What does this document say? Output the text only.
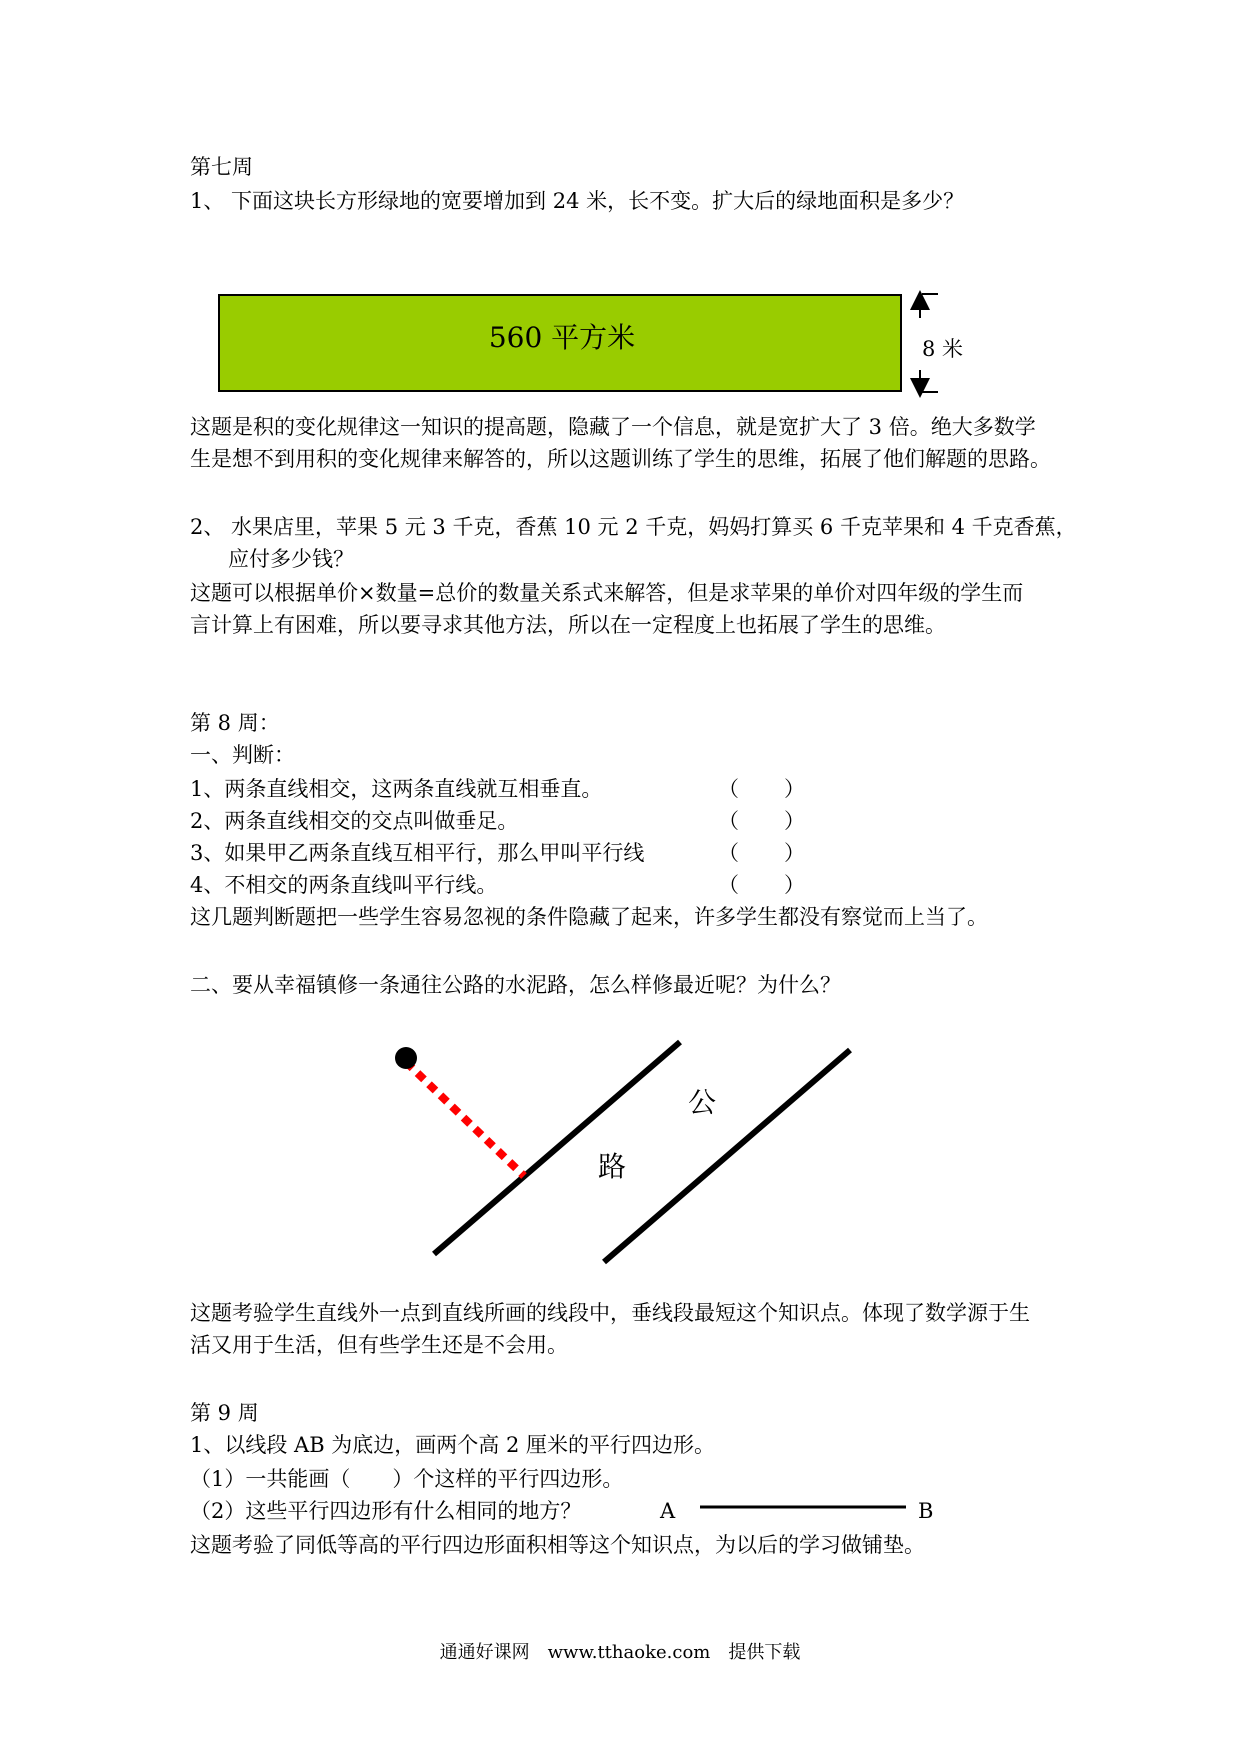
第七周
1、 下面这块长方形绿地的宽要增加到 24 米，长不变。扩大后的绿地面积是多少？
560 平方米	8 米
这题是积的变化规律这一知识的提高题，隐藏了一个信息，就是宽扩大了 3 倍。绝大多数学
生是想不到用积的变化规律来解答的，所以这题训练了学生的思维，拓展了他们解题的思路。
2、 水果店里，苹果 5 元 3 千克，香蕉 10 元 2 千克，妈妈打算买 6 千克苹果和 4 千克香蕉，
应付多少钱？
这题可以根据单价×数量=总价的数量关系式来解答，但是求苹果的单价对四年级的学生而
言计算上有困难，所以要寻求其他方法，所以在一定程度上也拓展了学生的思维。
第 8 周：
一、判断：
1、两条直线相交，这两条直线就互相垂直。	（ ）
2、两条直线相交的交点叫做垂足。	（ ）
3、如果甲乙两条直线互相平行，那么甲叫平行线	（ ）
4、不相交的两条直线叫平行线。	（ ）
这几题判断题把一些学生容易忽视的条件隐藏了起来，许多学生都没有察觉而上当了。
二、要从幸福镇修一条通往公路的水泥路，怎么样修最近呢？为什么？
这题考验学生直线外一点到直线所画的线段中，垂线段最短这个知识点。体现了数学源于生
活又用于生活，但有些学生还是不会用。
第 9 周
1、以线段 AB 为底边，画两个高 2 厘米的平行四边形。
（1）一共能画（　　）个这样的平行四边形。
（2）这些平行四边形有什么相同的地方？	A	B
这题考验了同低等高的平行四边形面积相等这个知识点，为以后的学习做铺垫。
公
路
通通好课网　www.tthaoke.com　提供下载
